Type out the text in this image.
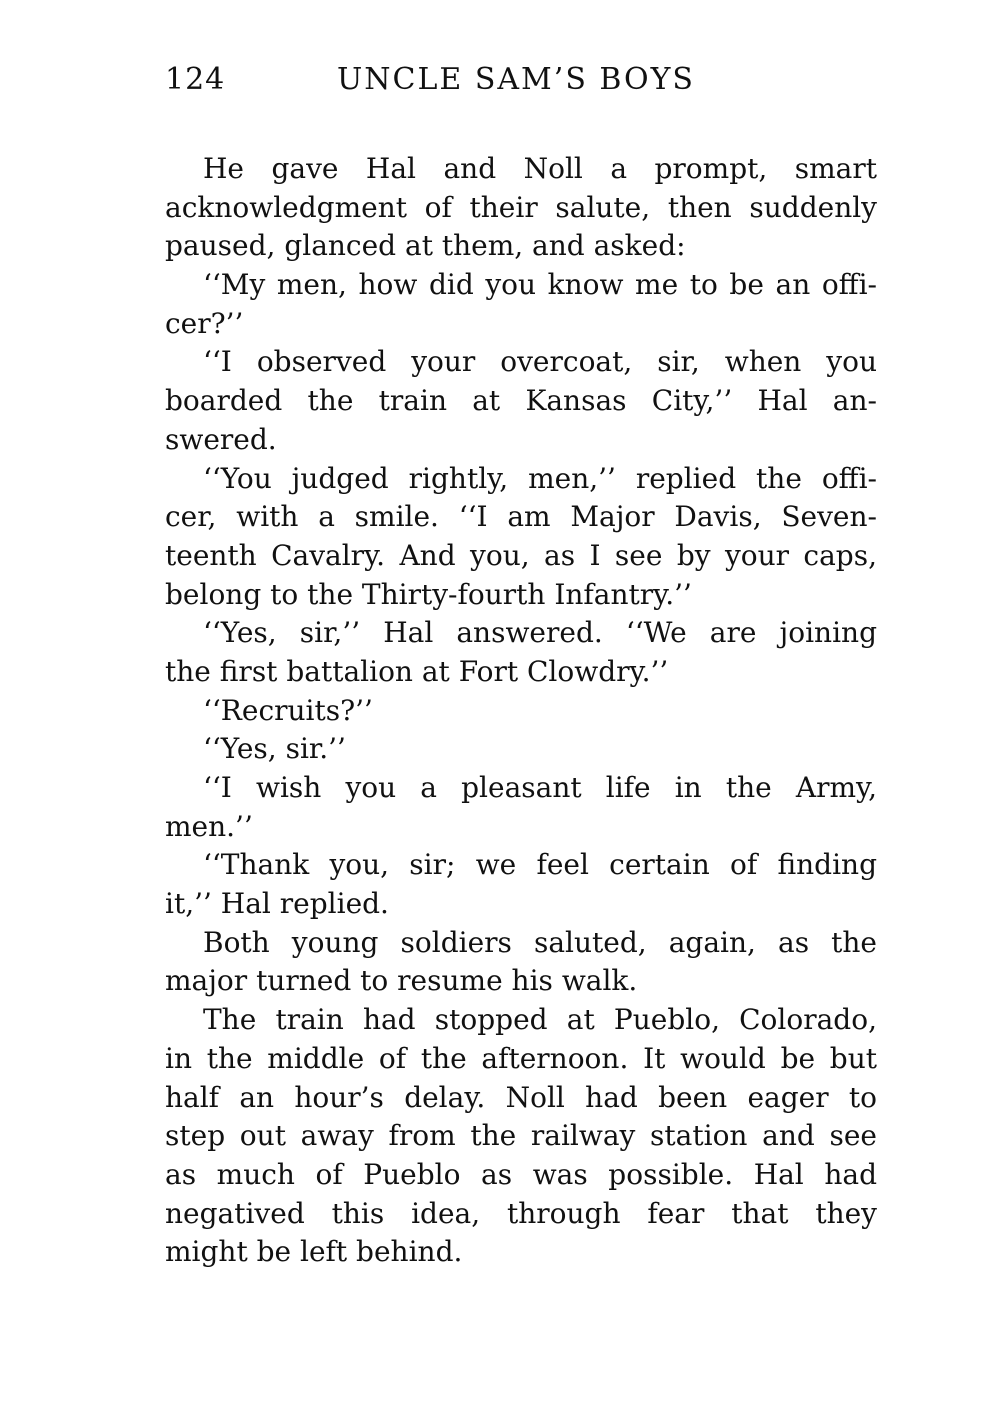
124	UNCLE SAM’S BOYS
He gave Hal and Noll a prompt, smart
acknowledgment of their salute, then suddenly
paused, glanced at them, and asked:
‘‘My men, how did you know me to be an offi-
cer?’’
‘‘I observed your overcoat, sir, when you
boarded the train at Kansas City,’’ Hal an-
swered.
‘‘You judged rightly, men,’’ replied the offi-
cer, with a smile. ‘‘I am Major Davis, Seven-
teenth Cavalry. And you, as I see by your caps,
belong to the Thirty-fourth Infantry.’’
‘‘Yes, sir,’’ Hal answered. ‘‘We are joining
the first battalion at Fort Clowdry.’’
‘‘Recruits?’’
‘‘Yes, sir.’’
‘‘I wish you a pleasant life in the Army,
men.’’
‘‘Thank you, sir; we feel certain of finding
it,’’ Hal replied.
Both young soldiers saluted, again, as the
major turned to resume his walk.
The train had stopped at Pueblo, Colorado,
in the middle of the afternoon. It would be but
half an hour’s delay. Noll had been eager to
step out away from the railway station and see
as much of Pueblo as was possible. Hal had
negatived this idea, through fear that they
might be left behind.
